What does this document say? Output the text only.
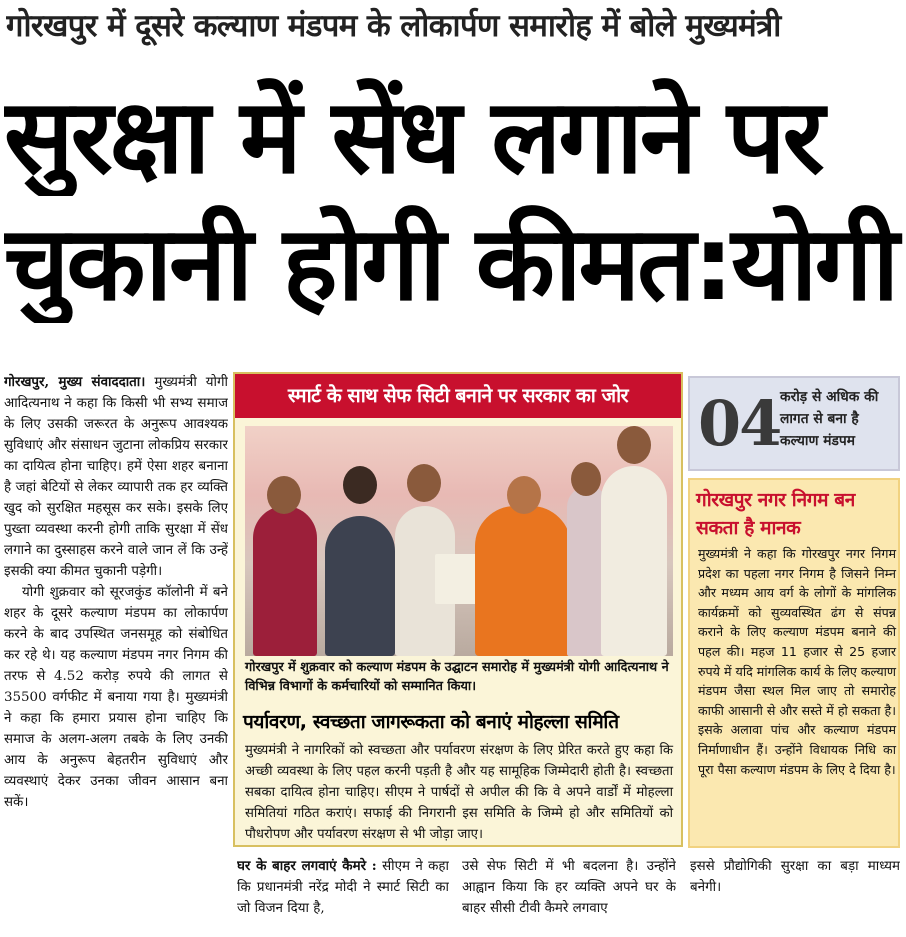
गोरखपुर में दूसरे कल्याण मंडपम के लोकार्पण समारोह में बोले मुख्यमंत्री
सुरक्षा में सेंध लगाने पर
चुकानी होगी कीमत:योगी

गोरखपुर, मुख्य संवाददाता। मुख्यमंत्री योगी आदित्यनाथ ने कहा कि किसी भी सभ्य समाज के लिए उसकी जरूरत के अनुरूप आवश्यक सुविधाएं और संसाधन जुटाना लोकप्रिय सरकार का दायित्व होना चाहिए। हमें ऐसा शहर बनाना है जहां बेटियों से लेकर व्यापारी तक हर व्यक्ति खुद को सुरक्षित महसूस कर सके। इसके लिए पुख्ता व्यवस्था करनी होगी ताकि सुरक्षा में सेंध लगाने का दुस्साहस करने वाले जान लें कि उन्हें इसकी क्या कीमत चुकानी पड़ेगी।

योगी शुक्रवार को सूरजकुंड कॉलोनी में बने शहर के दूसरे कल्याण मंडपम का लोकार्पण करने के बाद उपस्थित जनसमूह को संबोधित कर रहे थे। यह कल्याण मंडपम नगर निगम की तरफ से 4.52 करोड़ रुपये की लागत से 35500 वर्गफीट में बनाया गया है। मुख्यमंत्री ने कहा कि हमारा प्रयास होना चाहिए कि समाज के अलग-अलग तबके के लिए उनकी आय के अनुरूप बेहतरीन सुविधाएं और व्यवस्थाएं देकर उनका जीवन आसान बना सकें।

स्मार्ट के साथ सेफ सिटी बनाने पर सरकार का जोर
गोरखपुर में शुक्रवार को कल्याण मंडपम के उद्घाटन समारोह में मुख्यमंत्री योगी आदित्यनाथ ने विभिन्न विभागों के कर्मचारियों को सम्मानित किया।
पर्यावरण, स्वच्छता जागरूकता को बनाएं मोहल्ला समिति
मुख्यमंत्री ने नागरिकों को स्वच्छता और पर्यावरण संरक्षण के लिए प्रेरित करते हुए कहा कि अच्छी व्यवस्था के लिए पहल करनी पड़ती है और यह सामूहिक जिम्मेदारी होती है। स्वच्छता सबका दायित्व होना चाहिए। सीएम ने पार्षदों से अपील की कि वे अपने वार्डों में मोहल्ला समितियां गठित कराएं। सफाई की निगरानी इस समिति के जिम्मे हो और समितियों को पौधरोपण और पर्यावरण संरक्षण से भी जोड़ा जाए।
04 करोड़ से अधिक की लागत से बना है कल्याण मंडपम
गोरखपुर नगर निगम बन सकता है मानक
मुख्यमंत्री ने कहा कि गोरखपुर नगर निगम प्रदेश का पहला नगर निगम है जिसने निम्न और मध्यम आय वर्ग के लोगों के मांगलिक कार्यक्रमों को सुव्यवस्थित ढंग से संपन्न कराने के लिए कल्याण मंडपम बनाने की पहल की। महज 11 हजार से 25 हजार रुपये में यदि मांगलिक कार्य के लिए कल्याण मंडपम जैसा स्थल मिल जाए तो समारोह काफी आसानी से और सस्ते में हो सकता है। इसके अलावा पांच और कल्याण मंडपम निर्माणाधीन हैं। उन्होंने विधायक निधि का पूरा पैसा कल्याण मंडपम के लिए दे दिया है।
घर के बाहर लगवाएं कैमरे : सीएम ने कहा कि प्रधानमंत्री नरेंद्र मोदी ने स्मार्ट सिटी का जो विजन दिया है,
उसे सेफ सिटी में भी बदलना है। उन्होंने आह्वान किया कि हर व्यक्ति अपने घर के बाहर सीसी टीवी कैमरे लगवाए
इससे प्रौद्योगिकी सुरक्षा का बड़ा माध्यम बनेगी।
